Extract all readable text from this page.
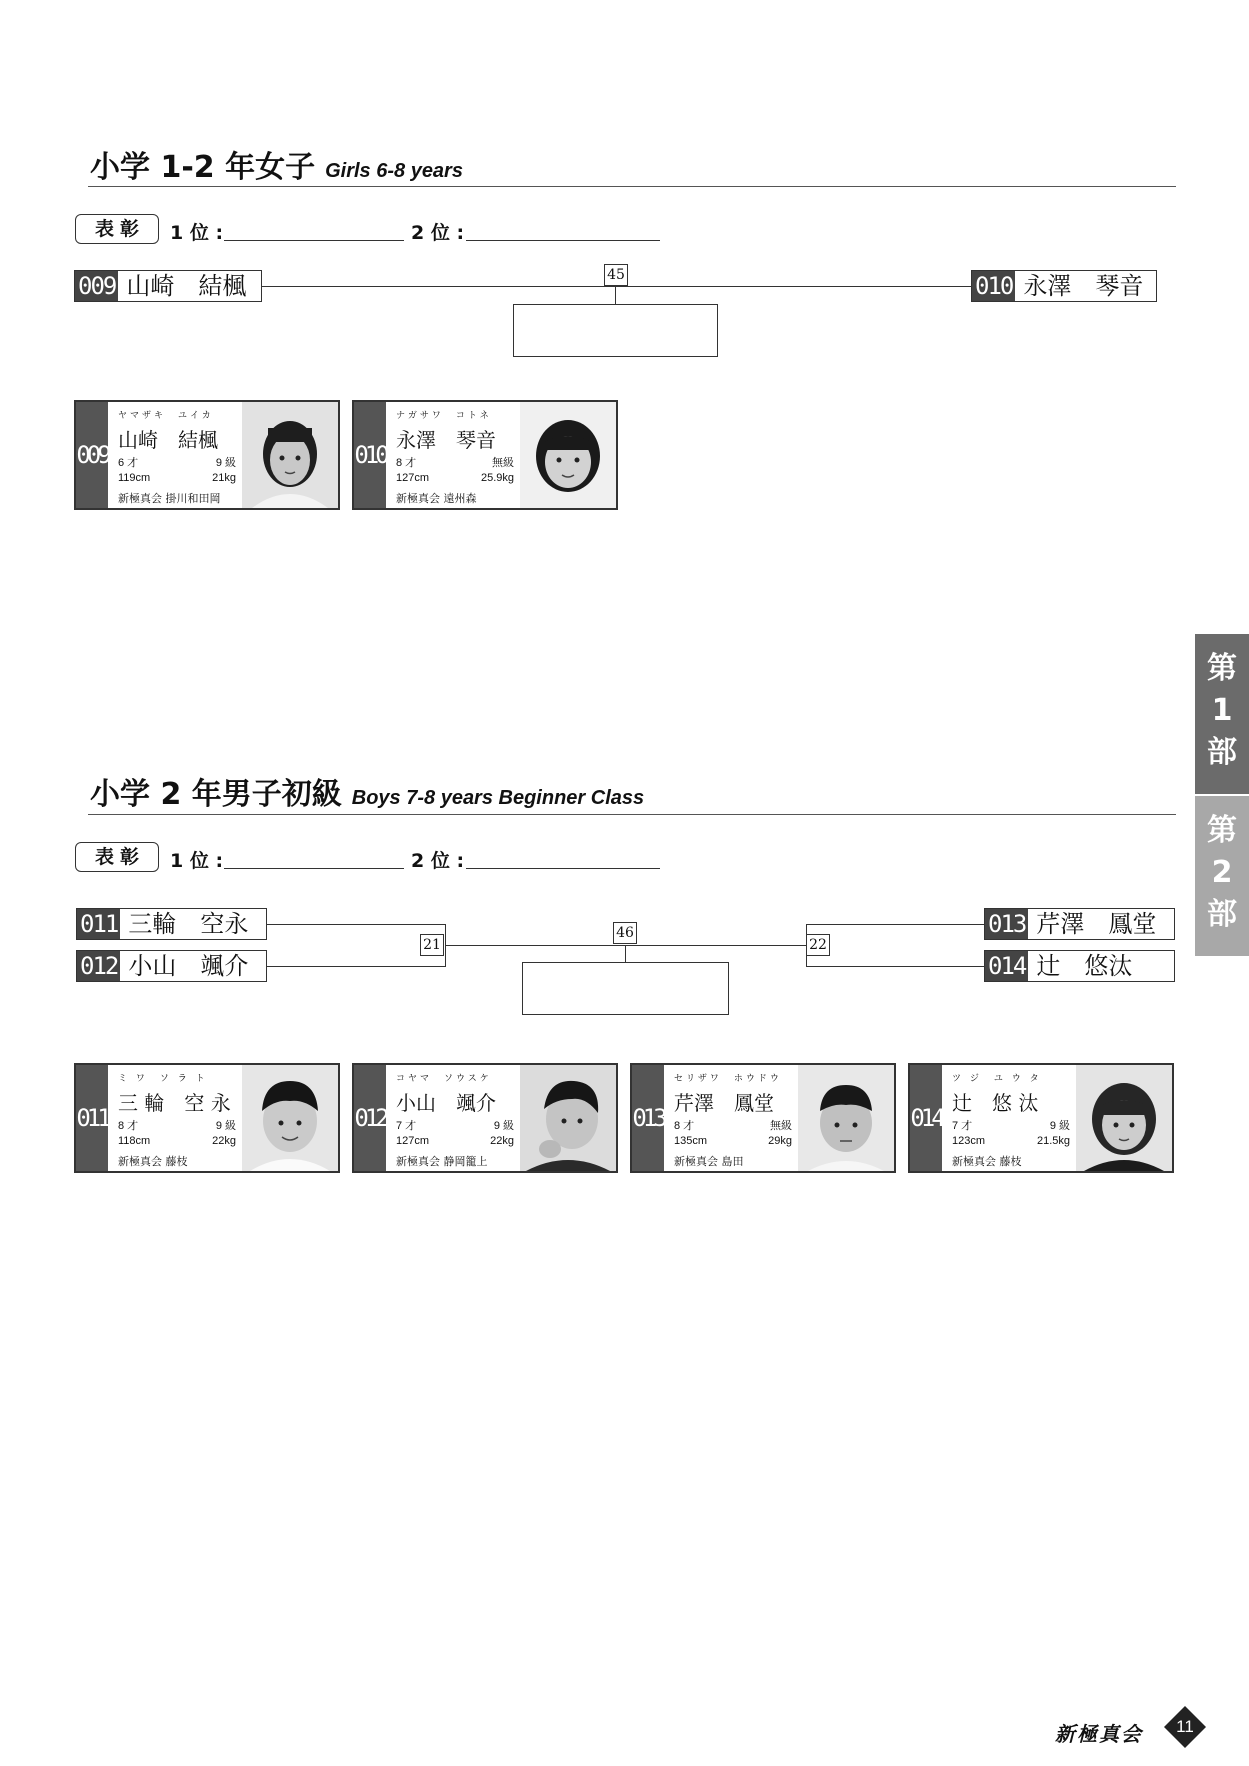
小学 1-2 年女子 Girls 6-8 years
表彰	1 位 :	2 位 :
45
009 山崎　結楓	010 永澤　琴音
009
ヤマザキ　ユイカ
山崎　結楓
6 才	9 級
119cm	21kg
新極真会 掛川和田岡
010
ナガサワ　コトネ
永澤　琴音
8 才	無級
127cm	25.9kg
新極真会 遠州森
小学 2 年男子初級 Boys 7-8 years Beginner Class
表彰	1 位 :	2 位 :
21	22
46
011 三輪　空永
012 小山　颯介
013 芹澤　鳳堂
014 辻　悠汰
011
ミ ワ　ソ ラ ト
三 輪　空 永
8 才	9 級
118cm	22kg
新極真会 藤枝
012
コヤマ　ソウスケ
小山　颯介
7 才	9 級
127cm	22kg
新極真会 静岡籠上
013
セリザワ　ホウドウ
芹澤　鳳堂
8 才	無級
135cm	29kg
新極真会 島田
014
ツ ジ　ユ ウ タ
辻　悠 汰
7 才	9 級
123cm	21.5kg
新極真会 藤枝
第
1
部
第
2
部
新極真会	11
